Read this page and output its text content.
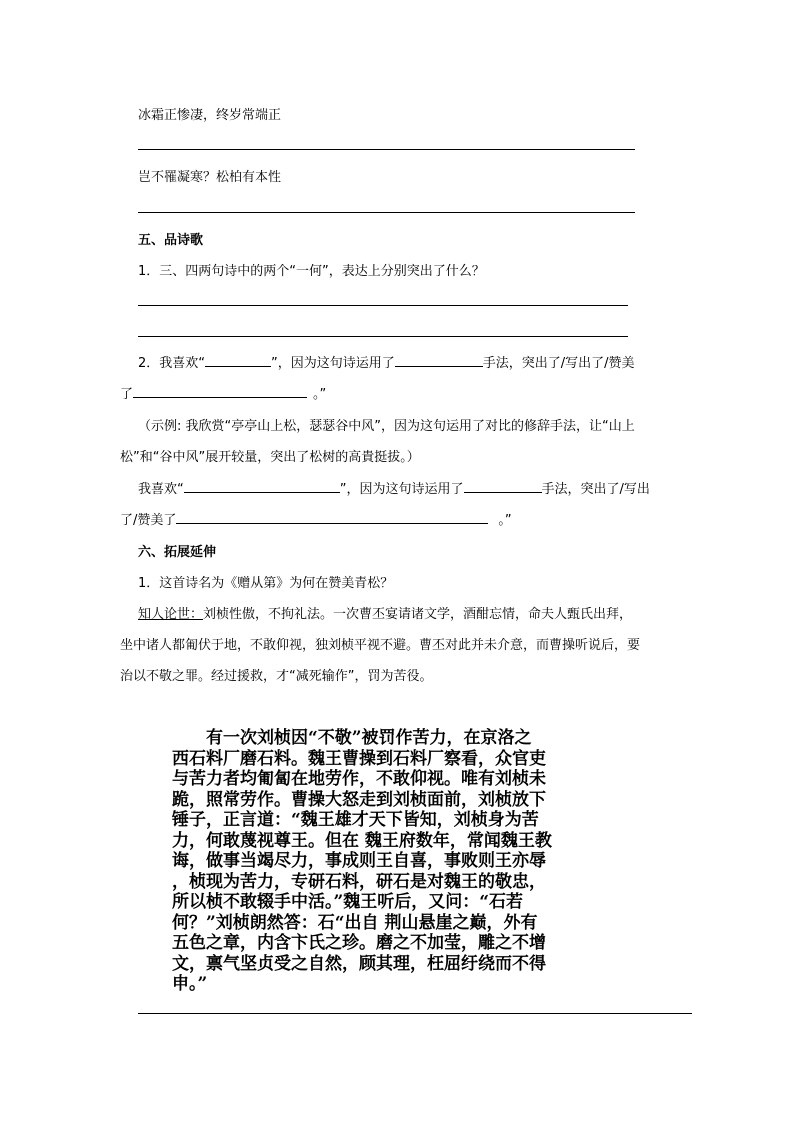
冰霜正惨凄，终岁常端正
岂不罹凝寒？松柏有本性
五、品诗歌
1．三、四两句诗中的两个“一何”，表达上分别突出了什么？
2．我喜欢“	”，因为这句诗运用了	手法，突出了/写出了/赞美
了	。”
（示例: 我欣赏“亭亭山上松，瑟瑟谷中风”，因为这句运用了对比的修辞手法，让“山上
松”和“谷中风”展开较量，突出了松树的高貴挺拔。）
我喜欢“	”，因为这句诗运用了	手法，突出了/写出
了/赞美了	。”
六、拓展延伸
1．这首诗名为《赠从第》为何在赞美青松？
知人论世：刘桢性傲，不拘礼法。一次曹丕宴请诸文学，酒酣忘情，命夫人甄氏出拜，
坐中诸人都匍伏于地，不敢仰视，独刘桢平视不避。曹丕对此并未介意，而曹操听说后，要
治以不敬之罪。经过援救，才“减死输作”，罚为苦役。
　　有一次刘桢因“不敬”被罚作苦力，在京洛之
西石料厂磨石料。魏王曹操到石料厂察看，众官吏
与苦力者均匍匐在地劳作，不敢仰视。唯有刘桢未
跪，照常劳作。曹操大怒走到刘桢面前，刘桢放下
锤子，正言道：“魏王雄才天下皆知，刘桢身为苦
力，何敢蔑视尊王。但在 魏王府数年，常闻魏王教
诲，做事当竭尽力，事成则王自喜，事败则王亦辱
，桢现为苦力，专研石料，研石是对魏王的敬忠，
所以桢不敢辍手中活。”魏王听后，又问：“石若
何？”刘桢朗然答：石“出自 荆山悬崖之巅，外有
五色之章，内含卞氏之珍。磨之不加莹，雕之不增
文，禀气坚贞受之自然，顾其理，枉屈纡绕而不得
申。”
